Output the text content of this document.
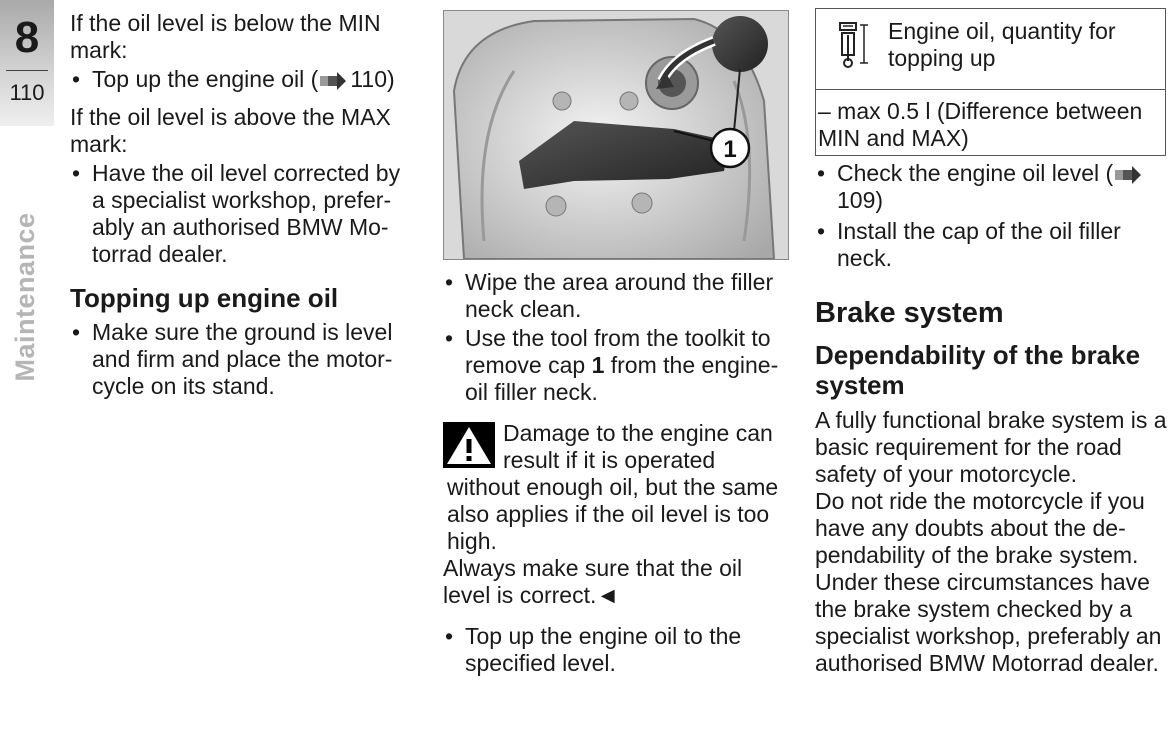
8
110
Maintenance

If the oil level is below the MIN mark:

• Top up the engine oil ( 110)

If the oil level is above the MAX mark:

• Have the oil level corrected by a specialist workshop, prefer-ably an authorised BMW Mo-torrad dealer.

Topping up engine oil

• Make sure the ground is level and firm and place the motor-cycle on its stand.

1

• Wipe the area around the filler neck clean.

• Use the tool from the toolkit to remove cap 1 from the engine-oil filler neck.

Damage to the engine can result if it is operated without enough oil, but the same also applies if the oil level is too high.

Always make sure that the oil level is correct.◄

• Top up the engine oil to the specified level.

Engine oil, quantity for topping up
– max 0.5 l (Difference between MIN and MAX)

• Check the engine oil level (109)

• Install the cap of the oil filler neck.

Brake system
Dependability of the brake system

A fully functional brake system is a basic requirement for the road safety of your motorcycle.

Do not ride the motorcycle if you have any doubts about the de-pendability of the brake system. Under these circumstances have the brake system checked by a specialist workshop, preferably an authorised BMW Motorrad dealer.
